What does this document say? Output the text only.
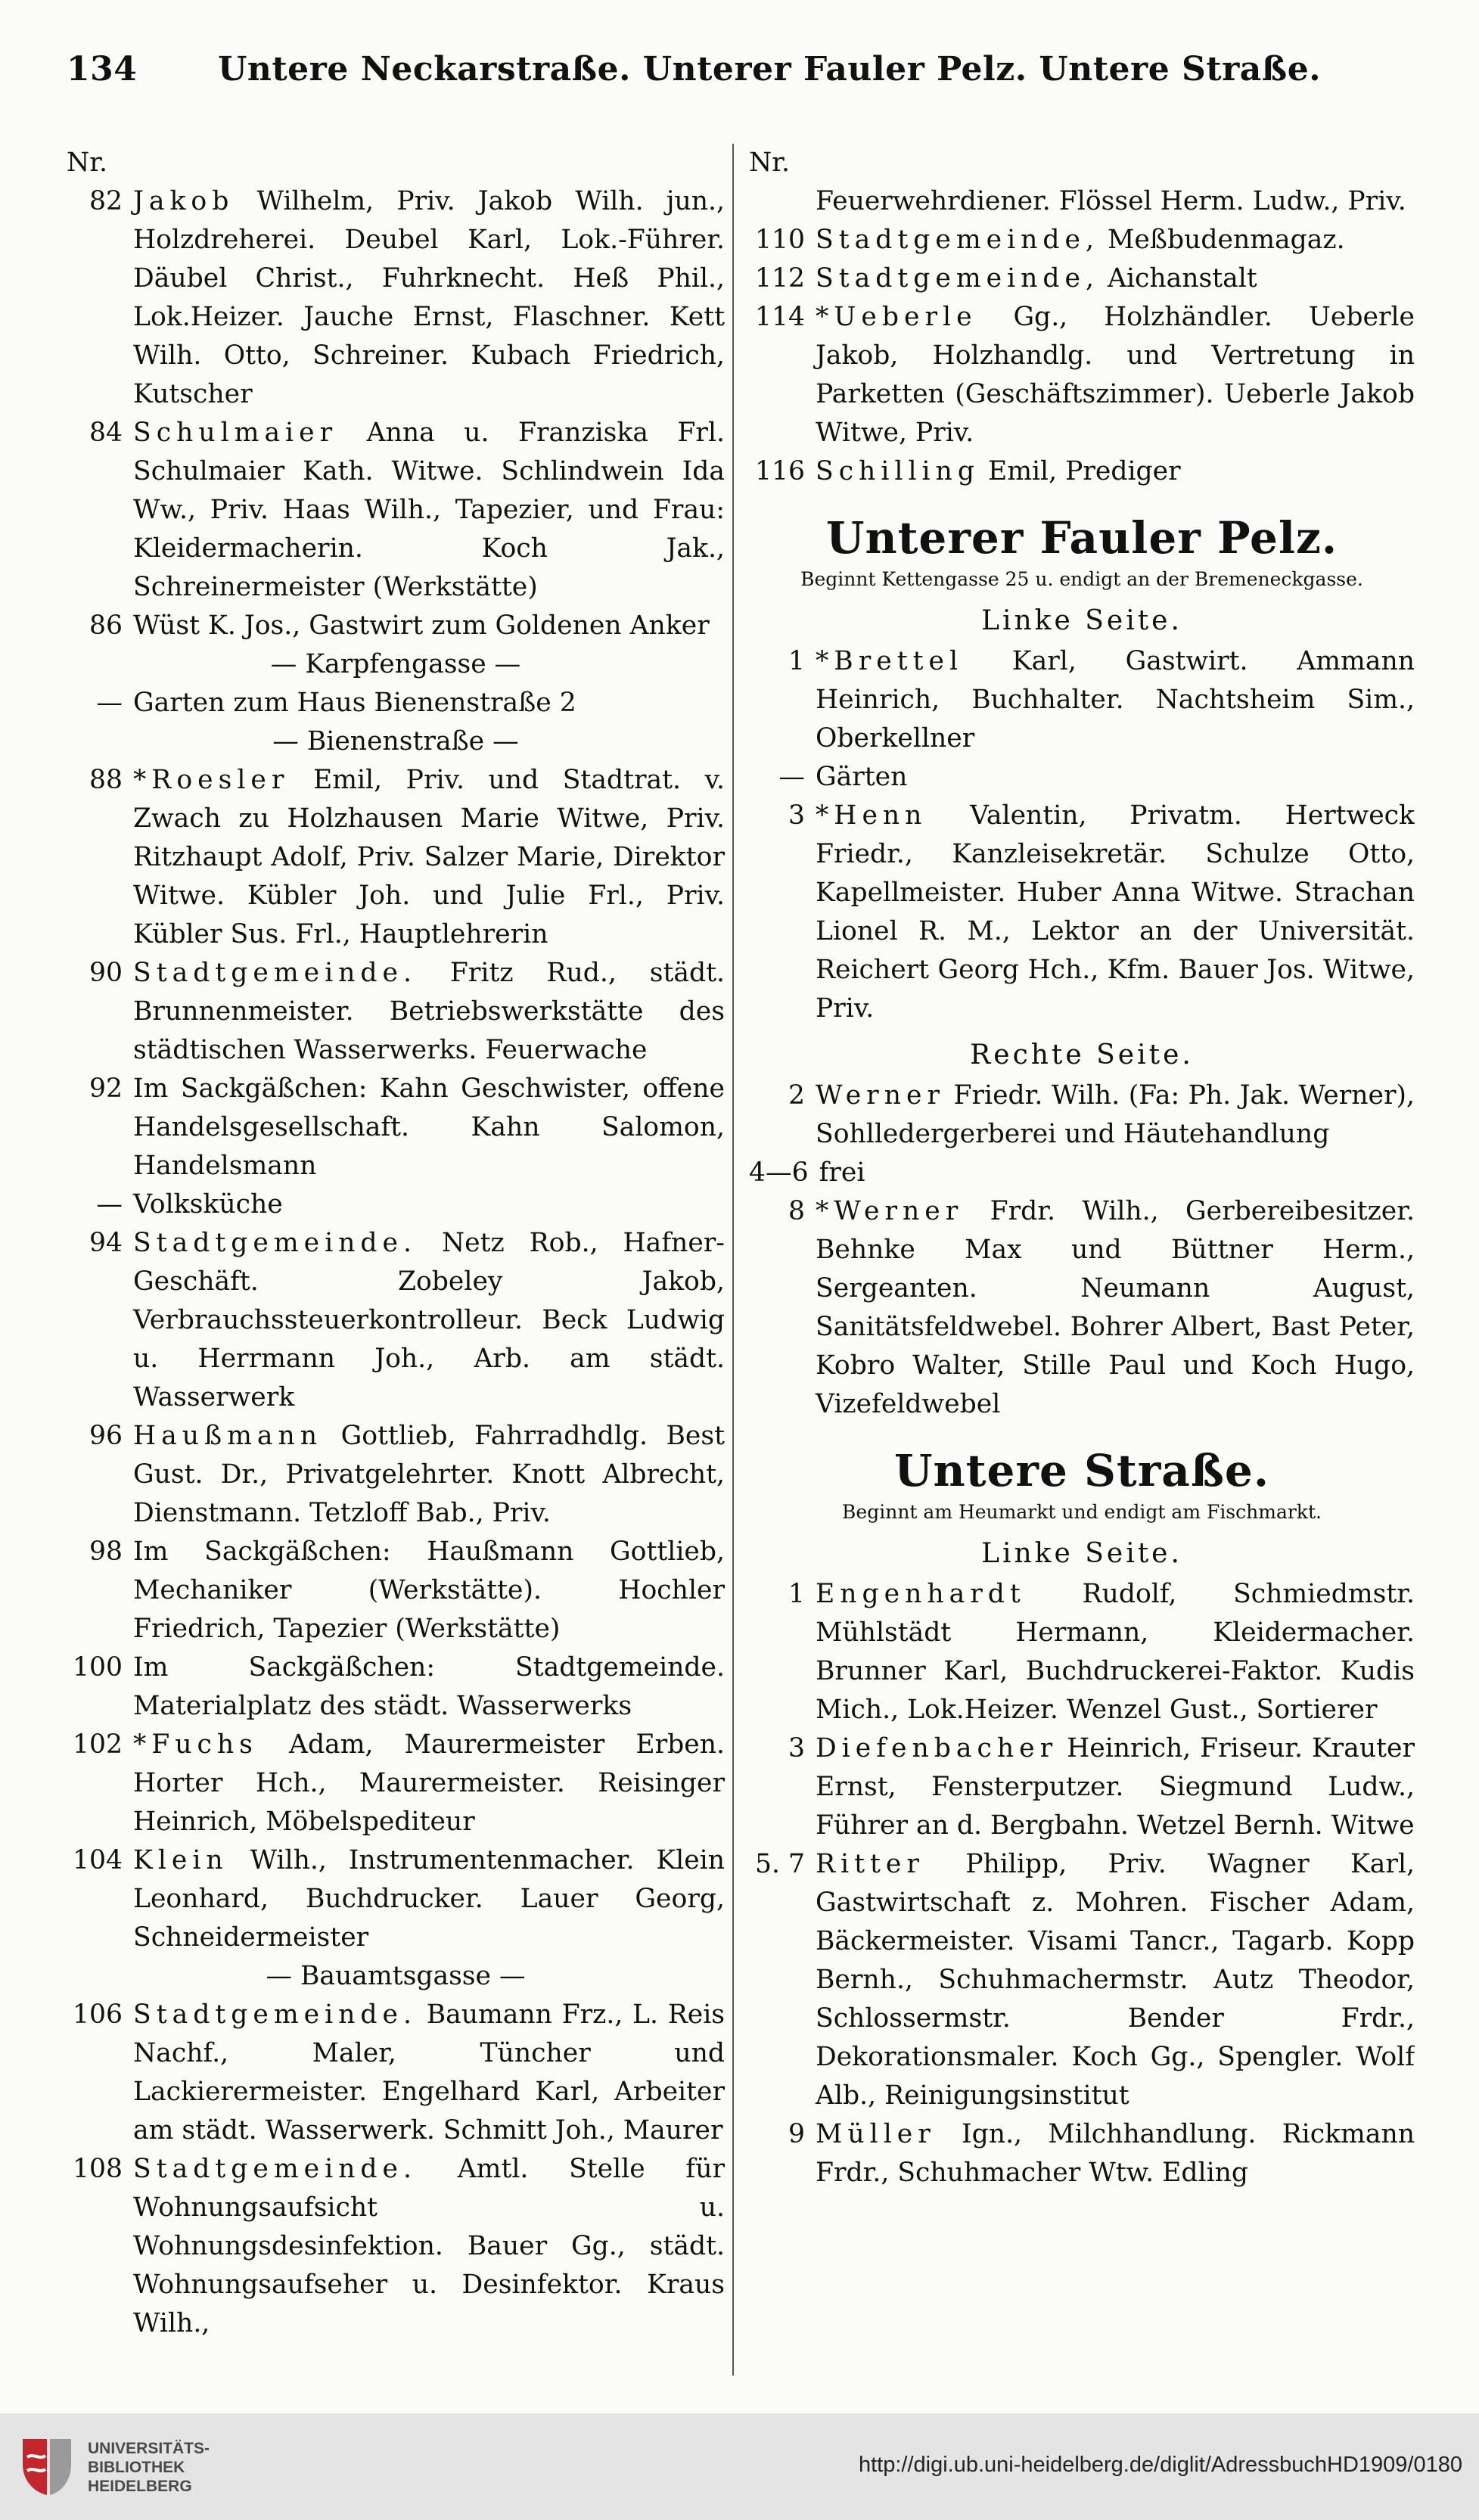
134	Untere Neckarstraße. Unterer Fauler Pelz. Untere Straße.
Nr.
82 Jakob Wilhelm, Priv. Jakob Wilh. jun., Holzdreherei. Deubel Karl, Lok.-Führer. Däubel Christ., Fuhrknecht. Heß Phil., Lok.Heizer. Jauche Ernst, Flaschner. Kett Wilh. Otto, Schreiner. Kubach Friedrich, Kutscher
84 Schulmaier Anna u. Franziska Frl. Schulmaier Kath. Witwe. Schlindwein Ida Ww., Priv. Haas Wilh., Tapezier, und Frau: Kleidermacherin. Koch Jak., Schreinermeister (Werkstätte)
86 Wüst K. Jos., Gastwirt zum Goldenen Anker
— Karpfengasse —
— Garten zum Haus Bienenstraße 2
— Bienenstraße —
88 *Roesler Emil, Priv. und Stadtrat. v. Zwach zu Holzhausen Marie Witwe, Priv. Ritzhaupt Adolf, Priv. Salzer Marie, Direktor Witwe. Kübler Joh. und Julie Frl., Priv. Kübler Sus. Frl., Hauptlehrerin
90 Stadtgemeinde. Fritz Rud., städt. Brunnenmeister. Betriebswerkstätte des städtischen Wasserwerks. Feuerwache
92 Im Sackgäßchen: Kahn Geschwister, offene Handelsgesellschaft. Kahn Salomon, Handelsmann
— Volksküche
94 Stadtgemeinde. Netz Rob., Hafner-Geschäft. Zobeley Jakob, Verbrauchssteuerkontrolleur. Beck Ludwig u. Herrmann Joh., Arb. am städt. Wasserwerk
96 Haußmann Gottlieb, Fahrradhdlg. Best Gust. Dr., Privatgelehrter. Knott Albrecht, Dienstmann. Tetzloff Bab., Priv.
98 Im Sackgäßchen: Haußmann Gottlieb, Mechaniker (Werkstätte). Hochler Friedrich, Tapezier (Werkstätte)
100 Im Sackgäßchen: Stadtgemeinde. Materialplatz des städt. Wasserwerks
102 *Fuchs Adam, Maurermeister Erben. Horter Hch., Maurermeister. Reisinger Heinrich, Möbelspediteur
104 Klein Wilh., Instrumentenmacher. Klein Leonhard, Buchdrucker. Lauer Georg, Schneidermeister
— Bauamtsgasse —
106 Stadtgemeinde. Baumann Frz., L. Reis Nachf., Maler, Tüncher und Lackierermeister. Engelhard Karl, Arbeiter am städt. Wasserwerk. Schmitt Joh., Maurer
108 Stadtgemeinde. Amtl. Stelle für Wohnungsaufsicht u. Wohnungsdesinfektion. Bauer Gg., städt. Wohnungsaufseher u. Desinfektor. Kraus Wilh.,
Nr.
Feuerwehrdiener. Flössel Herm. Ludw., Priv.
110 Stadtgemeinde, Meßbudenmagaz.
112 Stadtgemeinde, Aichanstalt
114 *Ueberle Gg., Holzhändler. Ueberle Jakob, Holzhandlg. und Vertretung in Parketten (Geschäftszimmer). Ueberle Jakob Witwe, Priv.
116 Schilling Emil, Prediger
Unterer Fauler Pelz.
Beginnt Kettengasse 25 u. endigt an der Bremeneckgasse.
Linke Seite.
1 *Brettel Karl, Gastwirt. Ammann Heinrich, Buchhalter. Nachtsheim Sim., Oberkellner
— Gärten
3 *Henn Valentin, Privatm. Hertweck Friedr., Kanzleisekretär. Schulze Otto, Kapellmeister. Huber Anna Witwe. Strachan Lionel R. M., Lektor an der Universität. Reichert Georg Hch., Kfm. Bauer Jos. Witwe, Priv.
Rechte Seite.
2 Werner Friedr. Wilh. (Fa: Ph. Jak. Werner), Sohlledergerberei und Häutehandlung
4—6 frei
8 *Werner Frdr. Wilh., Gerbereibesitzer. Behnke Max und Büttner Herm., Sergeanten. Neumann August, Sanitätsfeldwebel. Bohrer Albert, Bast Peter, Kobro Walter, Stille Paul und Koch Hugo, Vizefeldwebel
Untere Straße.
Beginnt am Heumarkt und endigt am Fischmarkt.
Linke Seite.
1 Engenhardt Rudolf, Schmiedmstr. Mühlstädt Hermann, Kleidermacher. Brunner Karl, Buchdruckerei-Faktor. Kudis Mich., Lok.Heizer. Wenzel Gust., Sortierer
3 Diefenbacher Heinrich, Friseur. Krauter Ernst, Fensterputzer. Siegmund Ludw., Führer an d. Bergbahn. Wetzel Bernh. Witwe
5. 7 Ritter Philipp, Priv. Wagner Karl, Gastwirtschaft z. Mohren. Fischer Adam, Bäckermeister. Visami Tancr., Tagarb. Kopp Bernh., Schuhmachermstr. Autz Theodor, Schlossermstr. Bender Frdr., Dekorationsmaler. Koch Gg., Spengler. Wolf Alb., Reinigungsinstitut
9 Müller Ign., Milchhandlung. Rickmann Frdr., Schuhmacher Wtw. Edling
UNIVERSITÄTS-
BIBLIOTHEK
HEIDELBERG
http://digi.ub.uni-heidelberg.de/diglit/AdressbuchHD1909/0180
